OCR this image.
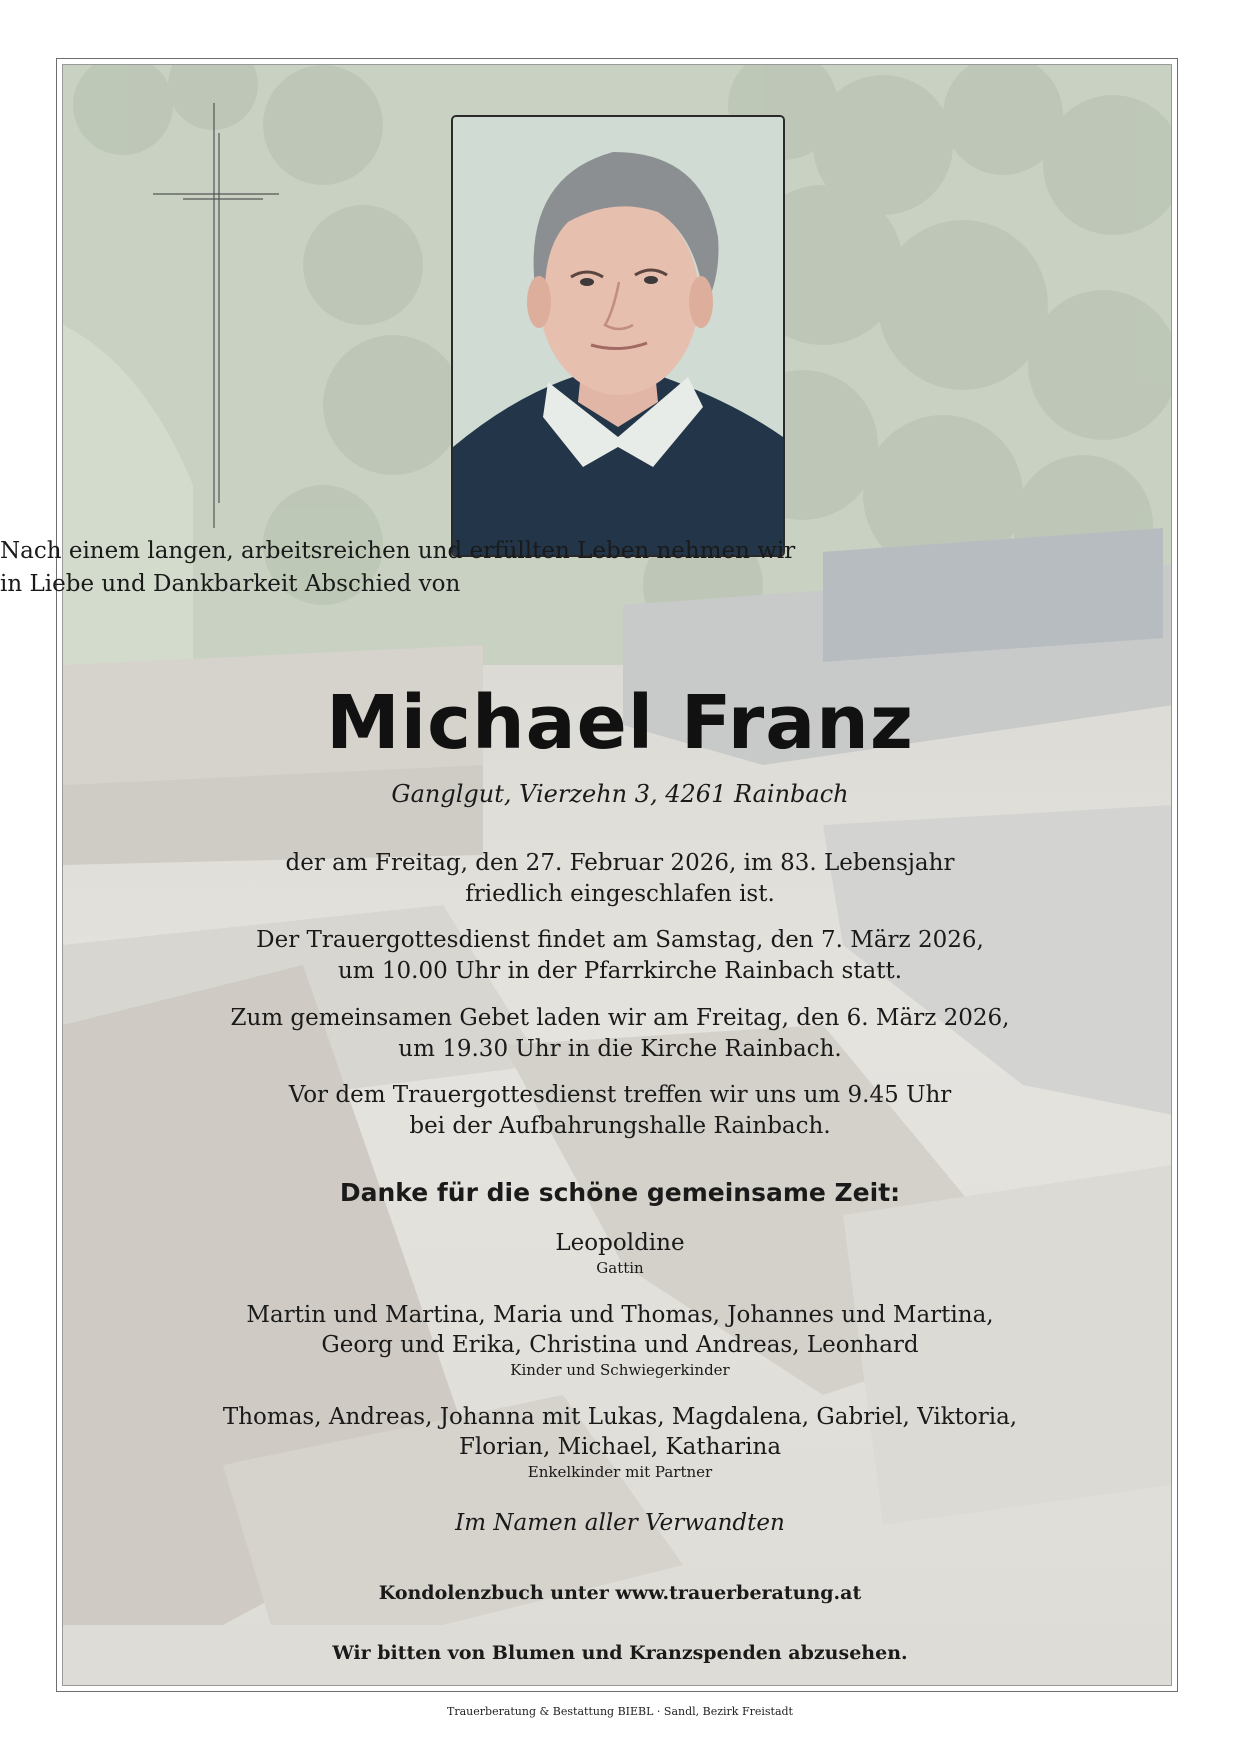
Nach einem langen, arbeitsreichen und erfüllten Leben nehmen wir
in Liebe und Dankbarkeit Abschied von
Michael Franz
Ganglgut, Vierzehn 3, 4261 Rainbach
der am Freitag, den 27. Februar 2026, im 83. Lebensjahr
friedlich eingeschlafen ist.
Der Trauergottesdienst findet am Samstag, den 7. März 2026,
um 10.00 Uhr in der Pfarrkirche Rainbach statt.
Zum gemeinsamen Gebet laden wir am Freitag, den 6. März 2026,
um 19.30 Uhr in die Kirche Rainbach.
Vor dem Trauergottesdienst treffen wir uns um 9.45 Uhr
bei der Aufbahrungshalle Rainbach.
Danke für die schöne gemeinsame Zeit:
Leopoldine
Gattin
Martin und Martina, Maria und Thomas, Johannes und Martina,
Georg und Erika, Christina und Andreas, Leonhard
Kinder und Schwiegerkinder
Thomas, Andreas, Johanna mit Lukas, Magdalena, Gabriel, Viktoria,
Florian, Michael, Katharina
Enkelkinder mit Partner
Im Namen aller Verwandten
Kondolenzbuch unter www.trauerberatung.at
Wir bitten von Blumen und Kranzspenden abzusehen.
Trauerberatung & Bestattung BIEBL · Sandl, Bezirk Freistadt
